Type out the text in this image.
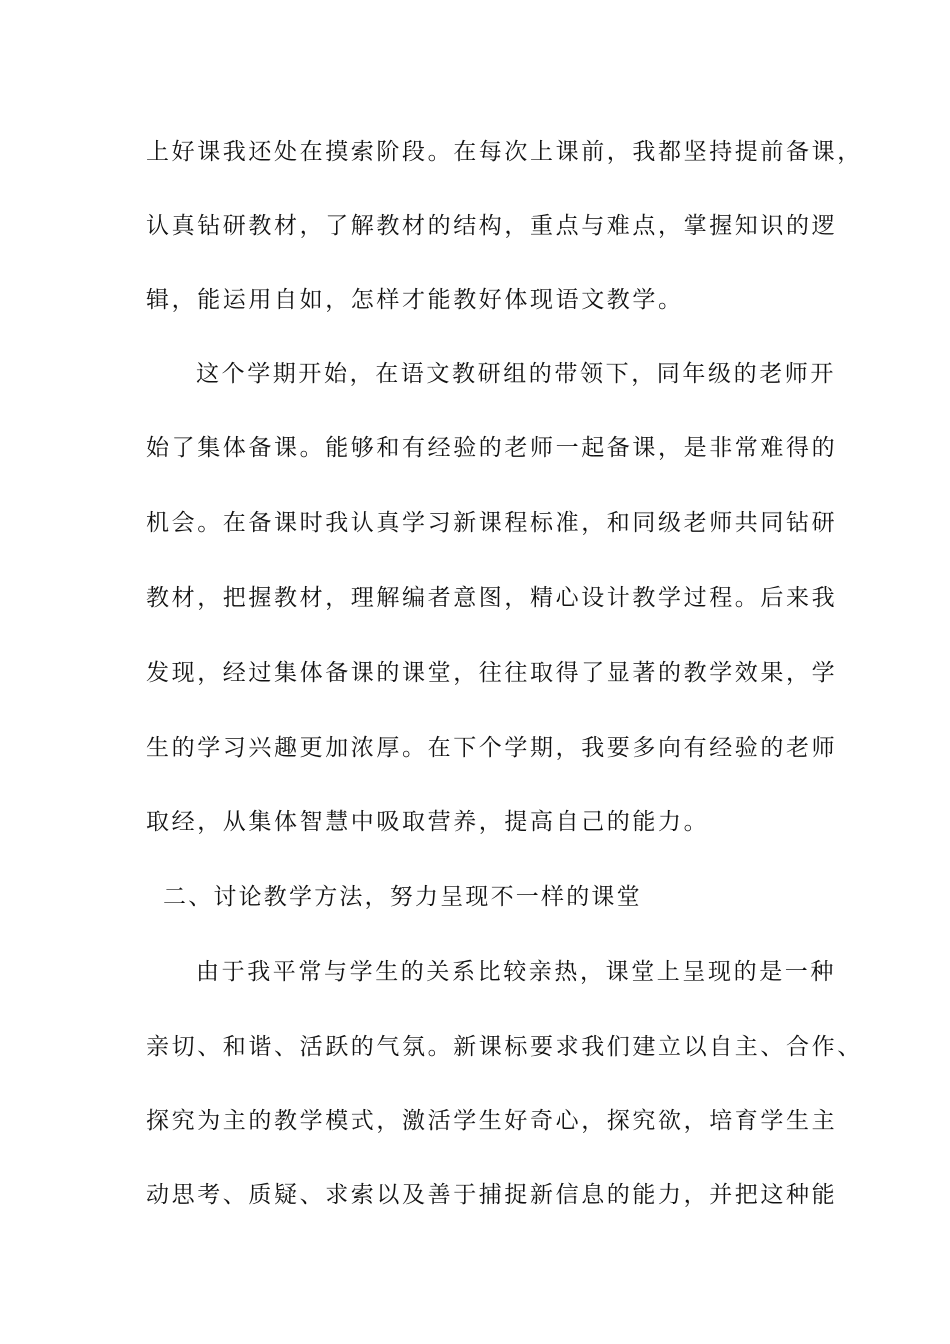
上好课我还处在摸索阶段。在每次上课前，我都坚持提前备课，
认真钻研教材，了解教材的结构，重点与难点，掌握知识的逻
辑，能运用自如，怎样才能教好体现语文教学。
这个学期开始，在语文教研组的带领下，同年级的老师开
始了集体备课。能够和有经验的老师一起备课，是非常难得的
机会。在备课时我认真学习新课程标准，和同级老师共同钻研
教材，把握教材，理解编者意图，精心设计教学过程。后来我
发现，经过集体备课的课堂，往往取得了显著的教学效果，学
生的学习兴趣更加浓厚。在下个学期，我要多向有经验的老师
取经，从集体智慧中吸取营养，提高自己的能力。
二、讨论教学方法，努力呈现不一样的课堂
由于我平常与学生的关系比较亲热，课堂上呈现的是一种
亲切、和谐、活跃的气氛。新课标要求我们建立以自主、合作、
探究为主的教学模式，激活学生好奇心，探究欲，培育学生主
动思考、质疑、求索以及善于捕捉新信息的能力，并把这种能
